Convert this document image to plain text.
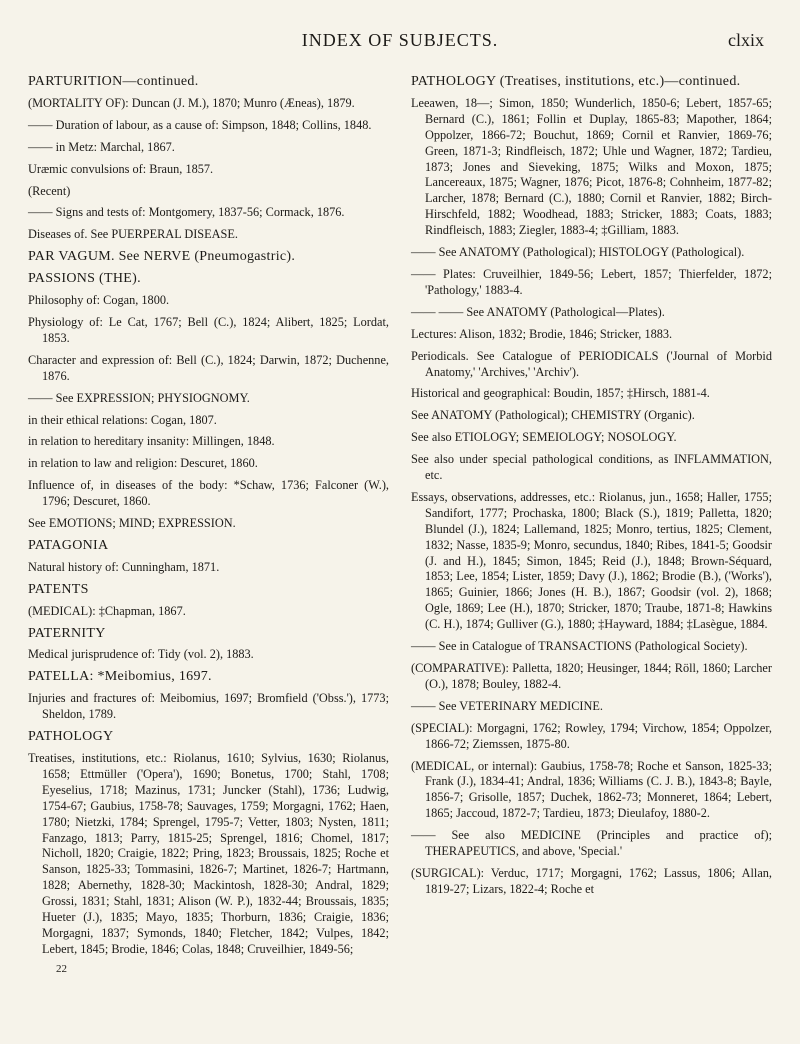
INDEX OF SUBJECTS.	clxix

PARTURITION—continued.

(MORTALITY OF): Duncan (J. M.), 1870; Munro (Æneas), 1879.

—— Duration of labour, as a cause of: Simpson, 1848; Collins, 1848.

—— in Metz: Marchal, 1867.

Uræmic convulsions of: Braun, 1857.

(Recent)

—— Signs and tests of: Montgomery, 1837-56; Cormack, 1876.

Diseases of. See PUERPERAL DISEASE.

PAR VAGUM. See NERVE (Pneumogastric).

PASSIONS (THE).

Philosophy of: Cogan, 1800.

Physiology of: Le Cat, 1767; Bell (C.), 1824; Alibert, 1825; Lordat, 1853.

Character and expression of: Bell (C.), 1824; Darwin, 1872; Duchenne, 1876.

—— See EXPRESSION; PHYSIOGNOMY.

in their ethical relations: Cogan, 1807.

in relation to hereditary insanity: Millingen, 1848.

in relation to law and religion: Descuret, 1860.

Influence of, in diseases of the body: *Schaw, 1736; Falconer (W.), 1796; Descuret, 1860.

See EMOTIONS; MIND; EXPRESSION.

PATAGONIA

Natural history of: Cunningham, 1871.

PATENTS

(MEDICAL): ‡Chapman, 1867.

PATERNITY

Medical jurisprudence of: Tidy (vol. 2), 1883.

PATELLA: *Meibomius, 1697.

Injuries and fractures of: Meibomius, 1697; Bromfield ('Obss.'), 1773; Sheldon, 1789.

PATHOLOGY

Treatises, institutions, etc.: Riolanus, 1610; Sylvius, 1630; Riolanus, 1658; Ettmüller ('Opera'), 1690; Bonetus, 1700; Stahl, 1708; Eyeselius, 1718; Mazinus, 1731; Juncker (Stahl), 1736; Ludwig, 1754-67; Gaubius, 1758-78; Sauvages, 1759; Morgagni, 1762; Haen, 1780; Nietzki, 1784; Sprengel, 1795-7; Vetter, 1803; Nysten, 1811; Fanzago, 1813; Parry, 1815-25; Sprengel, 1816; Chomel, 1817; Nicholl, 1820; Craigie, 1822; Pring, 1823; Broussais, 1825; Roche et Sanson, 1825-33; Tommasini, 1826-7; Martinet, 1826-7; Hartmann, 1828; Abernethy, 1828-30; Mackintosh, 1828-30; Andral, 1829; Grossi, 1831; Stahl, 1831; Alison (W. P.), 1832-44; Broussais, 1835; Hueter (J.), 1835; Mayo, 1835; Thorburn, 1836; Craigie, 1836; Morgagni, 1837; Symonds, 1840; Fletcher, 1842; Vulpes, 1842; Lebert, 1845; Brodie, 1846; Colas, 1848; Cruveilhier, 1849-56;

22

PATHOLOGY (Treatises, institutions, etc.)—continued.

Leeawen, 18—; Simon, 1850; Wunderlich, 1850-6; Lebert, 1857-65; Bernard (C.), 1861; Follin et Duplay, 1865-83; Mapother, 1864; Oppolzer, 1866-72; Bouchut, 1869; Cornil et Ranvier, 1869-76; Green, 1871-3; Rindfleisch, 1872; Uhle und Wagner, 1872; Tardieu, 1873; Jones and Sieveking, 1875; Wilks and Moxon, 1875; Lancereaux, 1875; Wagner, 1876; Picot, 1876-8; Cohnheim, 1877-82; Larcher, 1878; Bernard (C.), 1880; Cornil et Ranvier, 1882; Birch-Hirschfeld, 1882; Woodhead, 1883; Stricker, 1883; Coats, 1883; Rindfleisch, 1883; Ziegler, 1883-4; ‡Gilliam, 1883.

—— See ANATOMY (Pathological); HISTOLOGY (Pathological).

—— Plates: Cruveilhier, 1849-56; Lebert, 1857; Thierfelder, 1872; 'Pathology,' 1883-4.

—— —— See ANATOMY (Pathological—Plates).

Lectures: Alison, 1832; Brodie, 1846; Stricker, 1883.

Periodicals. See Catalogue of PERIODICALS ('Journal of Morbid Anatomy,' 'Archives,' 'Archiv').

Historical and geographical: Boudin, 1857; ‡Hirsch, 1881-4.

See ANATOMY (Pathological); CHEMISTRY (Organic).

See also ETIOLOGY; SEMEIOLOGY; NOSOLOGY.

See also under special pathological conditions, as INFLAMMATION, etc.

Essays, observations, addresses, etc.: Riolanus, jun., 1658; Haller, 1755; Sandifort, 1777; Prochaska, 1800; Black (S.), 1819; Palletta, 1820; Blundel (J.), 1824; Lallemand, 1825; Monro, tertius, 1825; Clement, 1832; Nasse, 1835-9; Monro, secundus, 1840; Ribes, 1841-5; Goodsir (J. and H.), 1845; Simon, 1845; Reid (J.), 1848; Brown-Séquard, 1853; Lee, 1854; Lister, 1859; Davy (J.), 1862; Brodie (B.), ('Works'), 1865; Guinier, 1866; Jones (H. B.), 1867; Goodsir (vol. 2), 1868; Ogle, 1869; Lee (H.), 1870; Stricker, 1870; Traube, 1871-8; Hawkins (C. H.), 1874; Gulliver (G.), 1880; ‡Hayward, 1884; ‡Lasègue, 1884.

—— See in Catalogue of TRANSACTIONS (Pathological Society).

(COMPARATIVE): Palletta, 1820; Heusinger, 1844; Röll, 1860; Larcher (O.), 1878; Bouley, 1882-4.

—— See VETERINARY MEDICINE.

(SPECIAL): Morgagni, 1762; Rowley, 1794; Virchow, 1854; Oppolzer, 1866-72; Ziemssen, 1875-80.

(MEDICAL, or internal): Gaubius, 1758-78; Roche et Sanson, 1825-33; Frank (J.), 1834-41; Andral, 1836; Williams (C. J. B.), 1843-8; Bayle, 1856-7; Grisolle, 1857; Duchek, 1862-73; Monneret, 1864; Lebert, 1865; Jaccoud, 1872-7; Tardieu, 1873; Dieulafoy, 1880-2.

—— See also MEDICINE (Principles and practice of); THERAPEUTICS, and above, 'Special.'

(SURGICAL): Verduc, 1717; Morgagni, 1762; Lassus, 1806; Allan, 1819-27; Lizars, 1822-4; Roche et
